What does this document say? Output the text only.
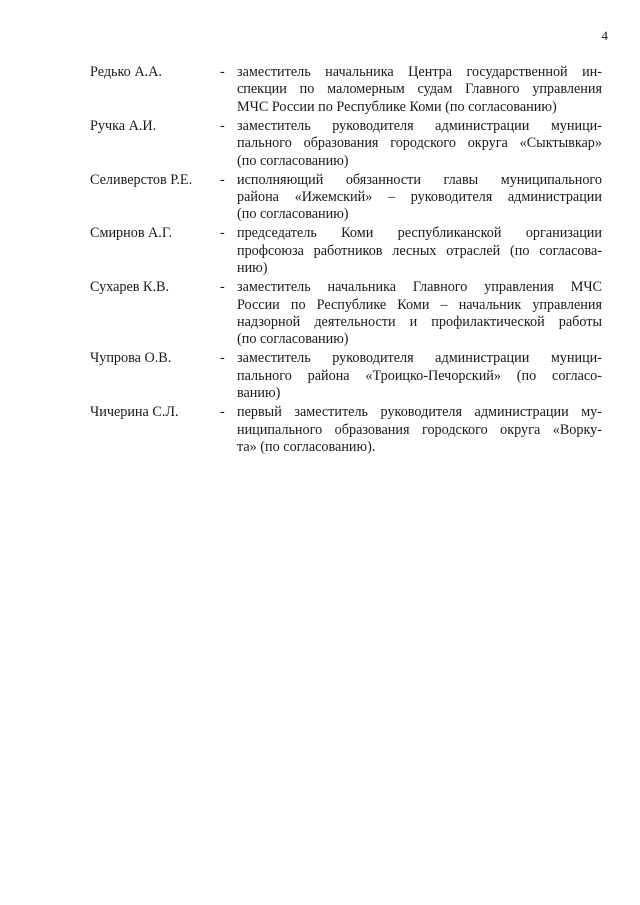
4
Редько А.А.	- заместитель начальника Центра государственной ин-
спекции по маломерным судам Главного управления
МЧС России по Республике Коми (по согласованию)
Ручка А.И.	- заместитель руководителя администрации муници-
пального образования городского округа «Сыктывкар»
(по согласованию)
Селиверстов Р.Е. - исполняющий обязанности главы муниципального
района «Ижемский» – руководителя администрации
(по согласованию)
Смирнов А.Г.	- председатель Коми республиканской организации
профсоюза работников лесных отраслей (по согласова-
нию)
Сухарев К.В.	- заместитель начальника Главного управления МЧС
России по Республике Коми – начальник управления
надзорной деятельности и профилактической работы
(по согласованию)
Чупрова О.В.	- заместитель руководителя администрации муници-
пального района «Троицко-Печорский» (по согласо-
ванию)
Чичерина С.Л.	- первый заместитель руководителя администрации му-
ниципального образования городского округа «Ворку-
та» (по согласованию).
